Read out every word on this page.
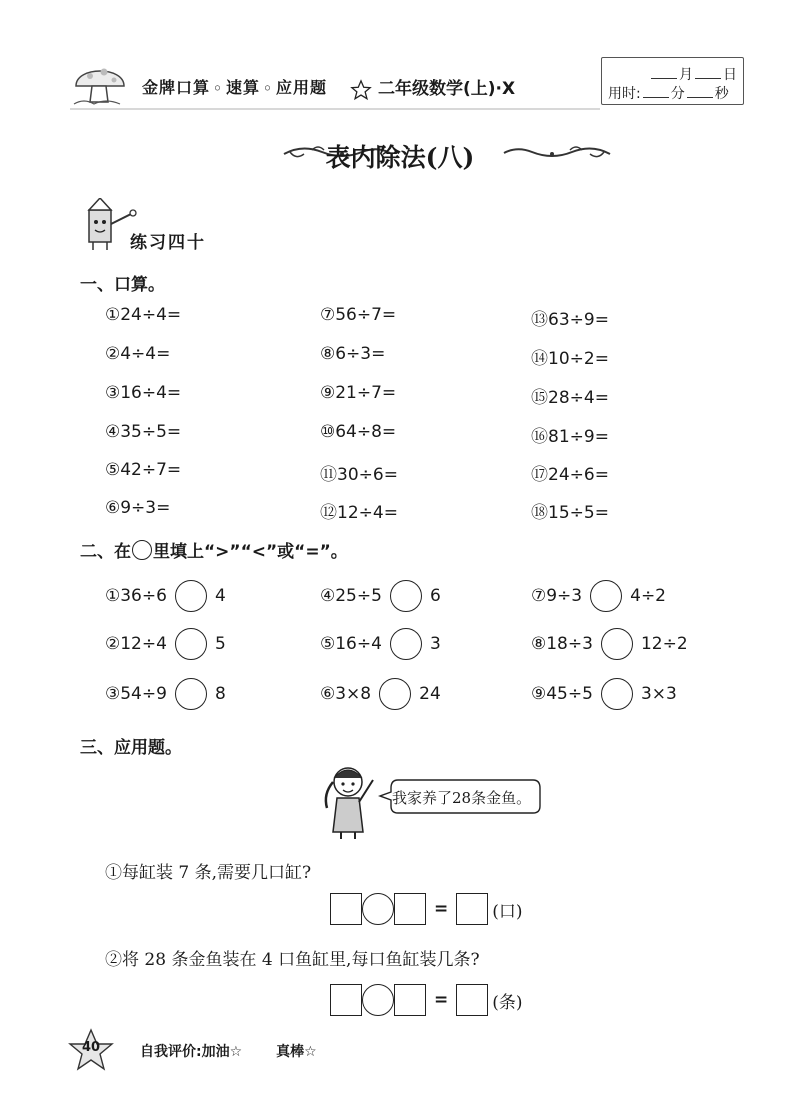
金牌口算 ◦ 速算 ◦ 应用题	二年级数学(上)·X
月 日
用时: 分 秒
表内除法(八)
练习四十
一、口算。
①24÷4=
②4÷4=
③16÷4=
④35÷5=
⑤42÷7=
⑥9÷3=
⑦56÷7=
⑧6÷3=
⑨21÷7=
⑩64÷8=
⑪30÷6=
⑫12÷4=
⑬63÷9=
⑭10÷2=
⑮28÷4=
⑯81÷9=
⑰24÷6=
⑱15÷5=
二、在 里填上“>”“<”或“=”。
①36÷6	4
②12÷4	5
③54÷9	8
④25÷5	6
⑤16÷4	3
⑥3×8	24
⑦9÷3	4÷2
⑧18÷3	12÷2
⑨45÷5	3×3
三、应用题。
我家养了28条金鱼。
①每缸装 7 条,需要几口缸?
=	(口)
②将 28 条金鱼装在 4 口鱼缸里,每口鱼缸装几条?
=	(条)
40	自我评价:加油☆ 真棒☆
